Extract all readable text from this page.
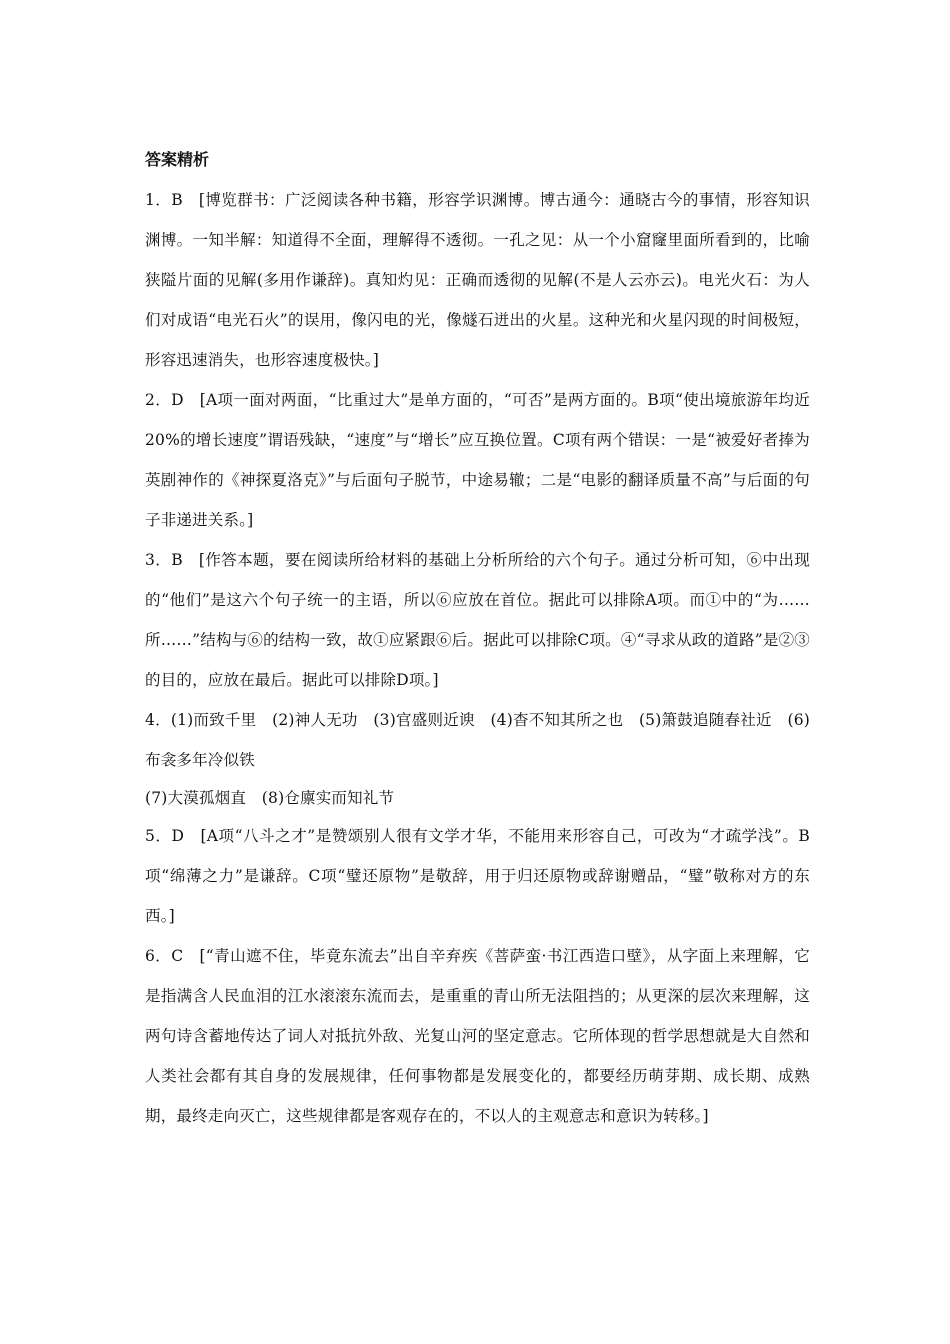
答案精析

1．B　[博览群书：广泛阅读各种书籍，形容学识渊博。博古通今：通晓古今的事情，形容知识渊博。一知半解：知道得不全面，理解得不透彻。一孔之见：从一个小窟窿里面所看到的，比喻狭隘片面的见解(多用作谦辞)。真知灼见：正确而透彻的见解(不是人云亦云)。电光火石：为人们对成语“电光石火”的误用，像闪电的光，像燧石迸出的火星。这种光和火星闪现的时间极短，形容迅速消失，也形容速度极快。]

2．D　[A项一面对两面，“比重过大”是单方面的，“可否”是两方面的。B项“使出境旅游年均近20%的增长速度”谓语残缺，“速度”与“增长”应互换位置。C项有两个错误：一是“被爱好者捧为英剧神作的《神探夏洛克》”与后面句子脱节，中途易辙；二是“电影的翻译质量不高”与后面的句子非递进关系。]

3．B　[作答本题，要在阅读所给材料的基础上分析所给的六个句子。通过分析可知，⑥中出现的“他们”是这六个句子统一的主语，所以⑥应放在首位。据此可以排除A项。而①中的“为……所……”结构与⑥的结构一致，故①应紧跟⑥后。据此可以排除C项。④“寻求从政的道路”是②③的目的，应放在最后。据此可以排除D项。]

4．(1)而致千里　(2)神人无功　(3)官盛则近谀　(4)杳不知其所之也　(5)箫鼓追随春社近　(6)布衾多年冷似铁

(7)大漠孤烟直　(8)仓廪实而知礼节

5．D　[A项“八斗之才”是赞颂别人很有文学才华，不能用来形容自己，可改为“才疏学浅”。B项“绵薄之力”是谦辞。C项“璧还原物”是敬辞，用于归还原物或辞谢赠品，“璧”敬称对方的东西。]

6．C　[“青山遮不住，毕竟东流去”出自辛弃疾《菩萨蛮·书江西造口壁》，从字面上来理解，它是指满含人民血泪的江水滚滚东流而去，是重重的青山所无法阻挡的；从更深的层次来理解，这两句诗含蓄地传达了词人对抵抗外敌、光复山河的坚定意志。它所体现的哲学思想就是大自然和人类社会都有其自身的发展规律，任何事物都是发展变化的，都要经历萌芽期、成长期、成熟期，最终走向灭亡，这些规律都是客观存在的，不以人的主观意志和意识为转移。]
